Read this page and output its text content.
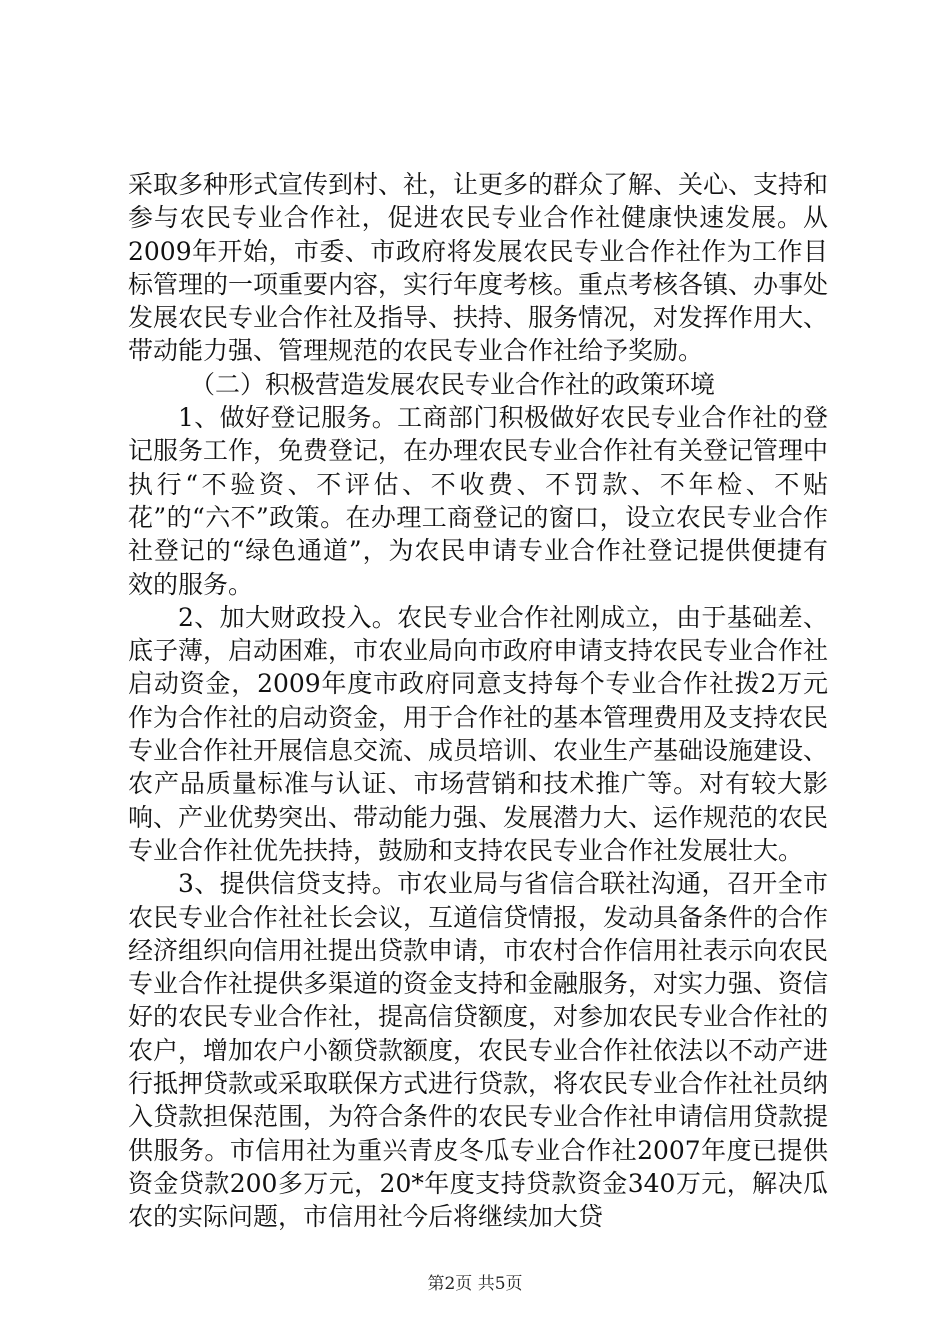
采取多种形式宣传到村、社，让更多的群众了解、关心、支持和参与农民专业合作社，促进农民专业合作社健康快速发展。从2009年开始，市委、市政府将发展农民专业合作社作为工作目标管理的一项重要内容，实行年度考核。重点考核各镇、办事处发展农民专业合作社及指导、扶持、服务情况，对发挥作用大、带动能力强、管理规范的农民专业合作社给予奖励。

（二）积极营造发展农民专业合作社的政策环境

1、做好登记服务。工商部门积极做好农民专业合作社的登记服务工作，免费登记，在办理农民专业合作社有关登记管理中执行“不验资、不评估、不收费、不罚款、不年检、不贴花”的“六不”政策。在办理工商登记的窗口，设立农民专业合作社登记的“绿色通道”，为农民申请专业合作社登记提供便捷有效的服务。

2、加大财政投入。农民专业合作社刚成立，由于基础差、底子薄，启动困难，市农业局向市政府申请支持农民专业合作社启动资金，2009年度市政府同意支持每个专业合作社拨2万元作为合作社的启动资金，用于合作社的基本管理费用及支持农民专业合作社开展信息交流、成员培训、农业生产基础设施建设、农产品质量标准与认证、市场营销和技术推广等。对有较大影响、产业优势突出、带动能力强、发展潜力大、运作规范的农民专业合作社优先扶持，鼓励和支持农民专业合作社发展壮大。

3、提供信贷支持。市农业局与省信合联社沟通，召开全市农民专业合作社社长会议，互道信贷情报，发动具备条件的合作经济组织向信用社提出贷款申请，市农村合作信用社表示向农民专业合作社提供多渠道的资金支持和金融服务，对实力强、资信好的农民专业合作社，提高信贷额度，对参加农民专业合作社的农户，增加农户小额贷款额度，农民专业合作社依法以不动产进行抵押贷款或采取联保方式进行贷款，将农民专业合作社社员纳入贷款担保范围，为符合条件的农民专业合作社申请信用贷款提供服务。市信用社为重兴青皮冬瓜专业合作社2007年度已提供资金贷款200多万元，20*年度支持贷款资金340万元，解决瓜农的实际问题，市信用社今后将继续加大贷

第2页 共5页
